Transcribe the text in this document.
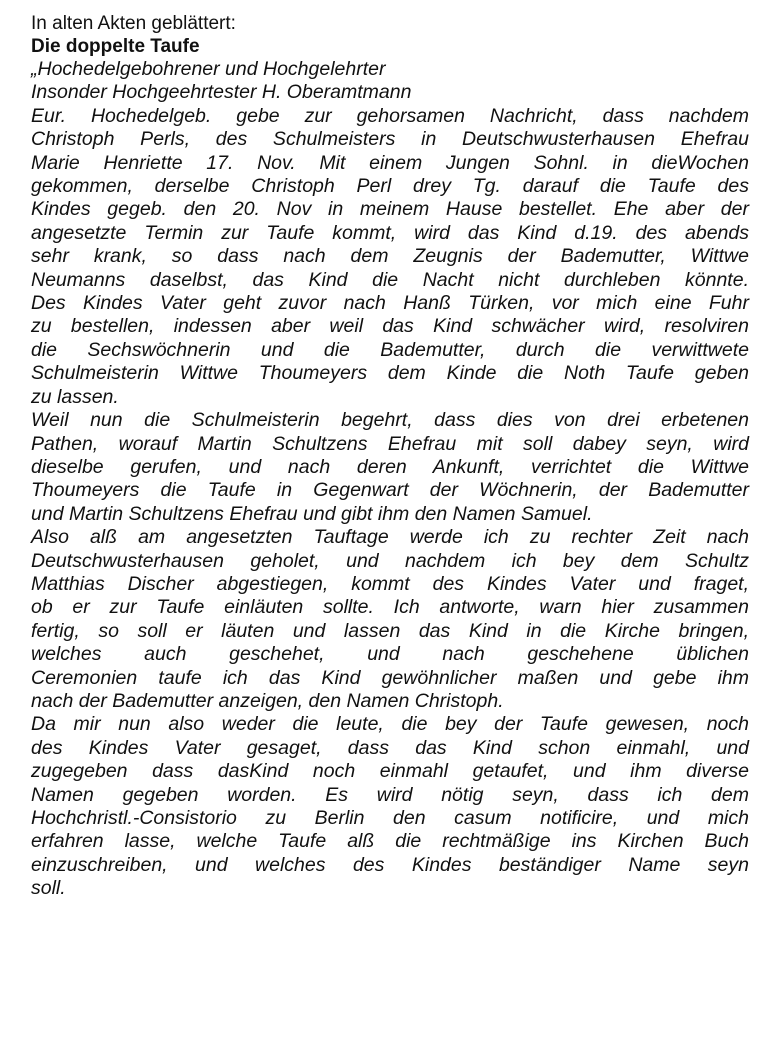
In alten Akten geblättert:

Die doppelte Taufe

„Hochedelgebohrener und Hochgelehrter
Insonder Hochgeehrtester H. Oberamtmann
Eur. Hochedelgeb. gebe zur gehorsamen Nachricht, dass nachdem
Christoph Perls, des Schulmeisters in Deutschwusterhausen Ehefrau
Marie Henriette 17. Nov. Mit einem Jungen Sohnl. in dieWochen
gekommen, derselbe Christoph Perl drey Tg. darauf die Taufe des
Kindes gegeb. den 20. Nov in meinem Hause bestellet. Ehe aber der
angesetzte Termin zur Taufe kommt, wird das Kind d.19. des abends
sehr krank, so dass nach dem Zeugnis der Bademutter, Wittwe
Neumanns daselbst, das Kind die Nacht nicht durchleben könnte.
Des Kindes Vater geht zuvor nach Hanß Türken, vor mich eine Fuhr
zu bestellen, indessen aber weil das Kind schwächer wird, resolviren
die Sechswöchnerin und die Bademutter, durch die verwittwete
Schulmeisterin Wittwe Thoumeyers dem Kinde die Noth Taufe geben
zu lassen.
Weil nun die Schulmeisterin begehrt, dass dies von drei erbetenen
Pathen, worauf Martin Schultzens Ehefrau mit soll dabey seyn, wird
dieselbe gerufen, und nach deren Ankunft, verrichtet die Wittwe
Thoumeyers die Taufe in Gegenwart der Wöchnerin, der Bademutter
und Martin Schultzens Ehefrau und gibt ihm den Namen Samuel.
Also alß am angesetzten Tauftage werde ich zu rechter Zeit nach
Deutschwusterhausen geholet, und nachdem ich bey dem Schultz
Matthias Discher abgestiegen, kommt des Kindes Vater und fraget,
ob er zur Taufe einläuten sollte. Ich antworte, warn hier zusammen
fertig, so soll er läuten und lassen das Kind in die Kirche bringen,
welches auch geschehet, und nach geschehene üblichen
Ceremonien taufe ich das Kind gewöhnlicher maßen und gebe ihm
nach der Bademutter anzeigen, den Namen Christoph.
Da mir nun also weder die leute, die bey der Taufe gewesen, noch
des Kindes Vater gesaget, dass das Kind schon einmahl, und
zugegeben dass dasKind noch einmahl getaufet, und ihm diverse
Namen gegeben worden. Es wird nötig seyn, dass ich dem
Hochchristl.-Consistorio zu Berlin den casum notificire, und mich
erfahren lasse, welche Taufe alß die rechtmäßige ins Kirchen Buch
einzuschreiben, und welches des Kindes beständiger Name seyn
soll.
